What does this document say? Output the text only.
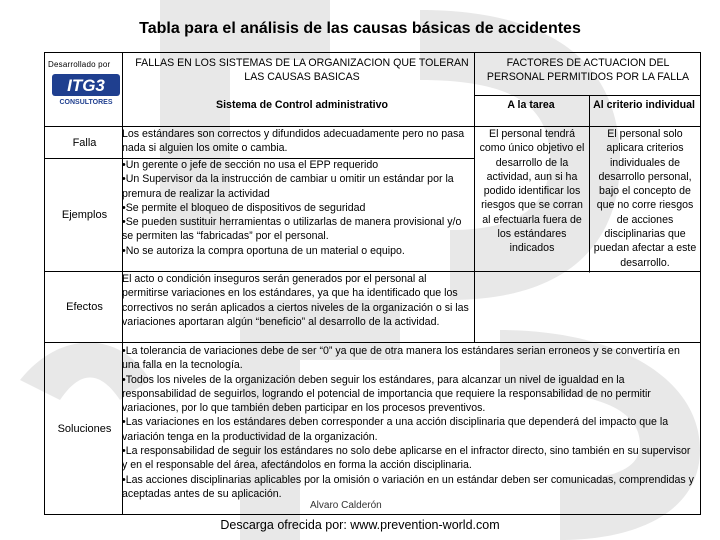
Tabla para el análisis de las causas básicas de accidentes
Desarrollado por
ITG3
CONSULTORES
FALLAS EN LOS SISTEMAS DE LA ORGANIZACION QUE TOLERAN LAS CAUSAS BASICAS
FACTORES DE ACTUACION DEL PERSONAL PERMITIDOS POR LA FALLA
Sistema de Control administrativo	A la tarea	Al criterio individual
Falla
Ejemplos
Efectos
Soluciones
Los estándares son correctos y difundidos adecuadamente pero no pasa nada si alguien los omite o cambia.
•Un gerente o jefe de sección no usa el EPP requerido
•Un Supervisor da la instrucción de cambiar u omitir un estándar por la premura de realizar la actividad
•Se permite el bloqueo de dispositivos de seguridad
•Se pueden sustituir herramientas o utilizarlas de manera provisional y/o se permiten las “fabricadas” por el personal.
•No se autoriza la compra oportuna de un material o equipo.
El personal tendrá como único objetivo el desarrollo de la actividad, aun si ha podido identificar los riesgos que se corran al efectuarla fuera de los estándares indicados
El personal solo aplicara criterios individuales de desarrollo personal, bajo el concepto de que no corre riesgos de acciones disciplinarias que puedan afectar a este desarrollo.
El acto o condición inseguros serán generados por el personal al permitirse variaciones en los estándares, ya que ha identificado que los correctivos no serán aplicados a ciertos niveles de la organización o si las variaciones aportaran algún “beneficio” al desarrollo de la actividad.
•La tolerancia de variaciones debe de ser “0” ya que de otra manera los estándares serian erroneos y se convertiría en una falla en la tecnología.
•Todos los niveles de la organización deben seguir los estándares, para alcanzar un nivel de igualdad en la responsabilidad de seguirlos, logrando el potencial de importancia que requiere la responsabilidad de no permitir variaciones, por lo que también deben participar en los procesos preventivos.
•Las variaciones en los estándares deben corresponder a una acción disciplinaria que dependerá del impacto que la variación tenga en la productividad de la organización.
•La responsabilidad de seguir los estándares no solo debe aplicarse en el infractor directo, sino también en su supervisor y en el responsable del área, afectándolos en forma la acción disciplinaria.
•Las acciones disciplinarias aplicables por la omisión o variación en un estándar deben ser comunicadas, comprendidas y aceptadas antes de su aplicación.
Alvaro Calderón
Descarga ofrecida por: www.prevention-world.com
